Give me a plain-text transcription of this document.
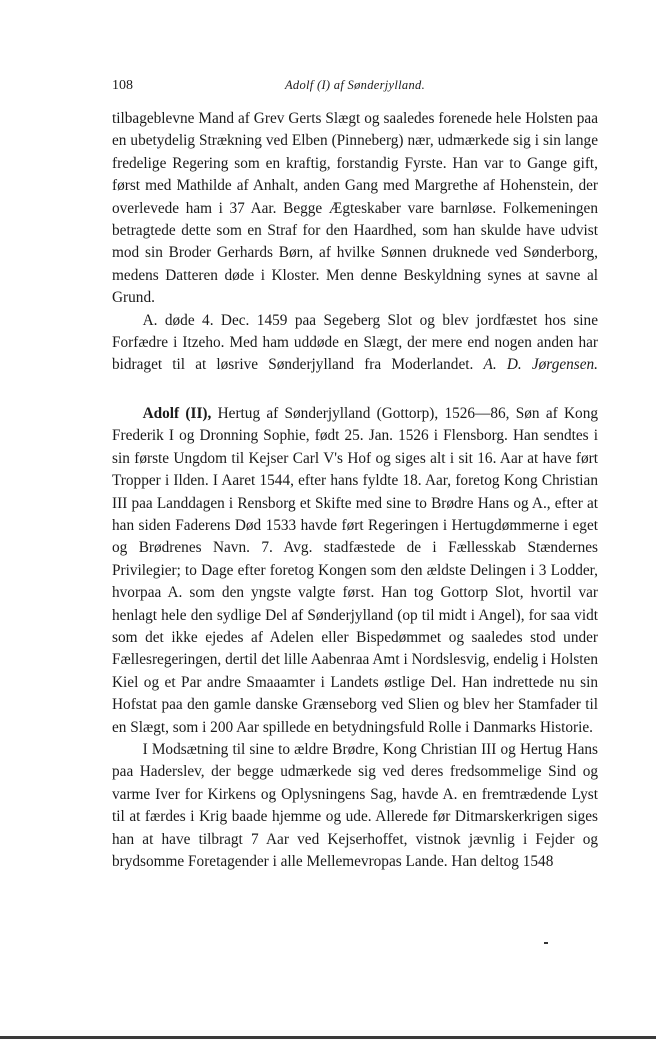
108	Adolf (I) af Sønderjylland.

tilbageblevne Mand af Grev Gerts Slægt og saaledes forenede hele Holsten paa en ubetydelig Strækning ved Elben (Pinneberg) nær, udmærkede sig i sin lange fredelige Regering som en kraftig, forstandig Fyrste. Han var to Gange gift, først med Mathilde af Anhalt, anden Gang med Margrethe af Hohenstein, der overlevede ham i 37 Aar. Begge Ægteskaber vare barnløse. Folkemeningen betragtede dette som en Straf for den Haardhed, som han skulde have udvist mod sin Broder Gerhards Børn, af hvilke Sønnen druknede ved Sønderborg, medens Datteren døde i Kloster. Men denne Beskyldning synes at savne al Grund.

A. døde 4. Dec. 1459 paa Segeberg Slot og blev jordfæstet hos sine Forfædre i Itzeho. Med ham uddøde en Slægt, der mere end nogen anden har bidraget til at løsrive Sønderjylland fra Moderlandet. A. D. Jørgensen.

Adolf (II), Hertug af Sønderjylland (Gottorp), 1526—86, Søn af Kong Frederik I og Dronning Sophie, født 25. Jan. 1526 i Flensborg. Han sendtes i sin første Ungdom til Kejser Carl V's Hof og siges alt i sit 16. Aar at have ført Tropper i Ilden. I Aaret 1544, efter hans fyldte 18. Aar, foretog Kong Christian III paa Landdagen i Rensborg et Skifte med sine to Brødre Hans og A., efter at han siden Faderens Død 1533 havde ført Regeringen i Hertugdømmerne i eget og Brødrenes Navn. 7. Avg. stadfæstede de i Fællesskab Stændernes Privilegier; to Dage efter foretog Kongen som den ældste Delingen i 3 Lodder, hvorpaa A. som den yngste valgte først. Han tog Gottorp Slot, hvortil var henlagt hele den sydlige Del af Sønderjylland (op til midt i Angel), for saa vidt som det ikke ejedes af Adelen eller Bispedømmet og saaledes stod under Fællesregeringen, dertil det lille Aabenraa Amt i Nordslesvig, endelig i Holsten Kiel og et Par andre Smaaamter i Landets østlige Del. Han indrettede nu sin Hofstat paa den gamle danske Grænseborg ved Slien og blev her Stamfader til en Slægt, som i 200 Aar spillede en betydningsfuld Rolle i Danmarks Historie.

I Modsætning til sine to ældre Brødre, Kong Christian III og Hertug Hans paa Haderslev, der begge udmærkede sig ved deres fredsommelige Sind og varme Iver for Kirkens og Oplysningens Sag, havde A. en fremtrædende Lyst til at færdes i Krig baade hjemme og ude. Allerede før Ditmarskerkrigen siges han at have tilbragt 7 Aar ved Kejserhoffet, vistnok jævnlig i Fejder og brydsomme Foretagender i alle Mellemevropas Lande. Han deltog 1548
